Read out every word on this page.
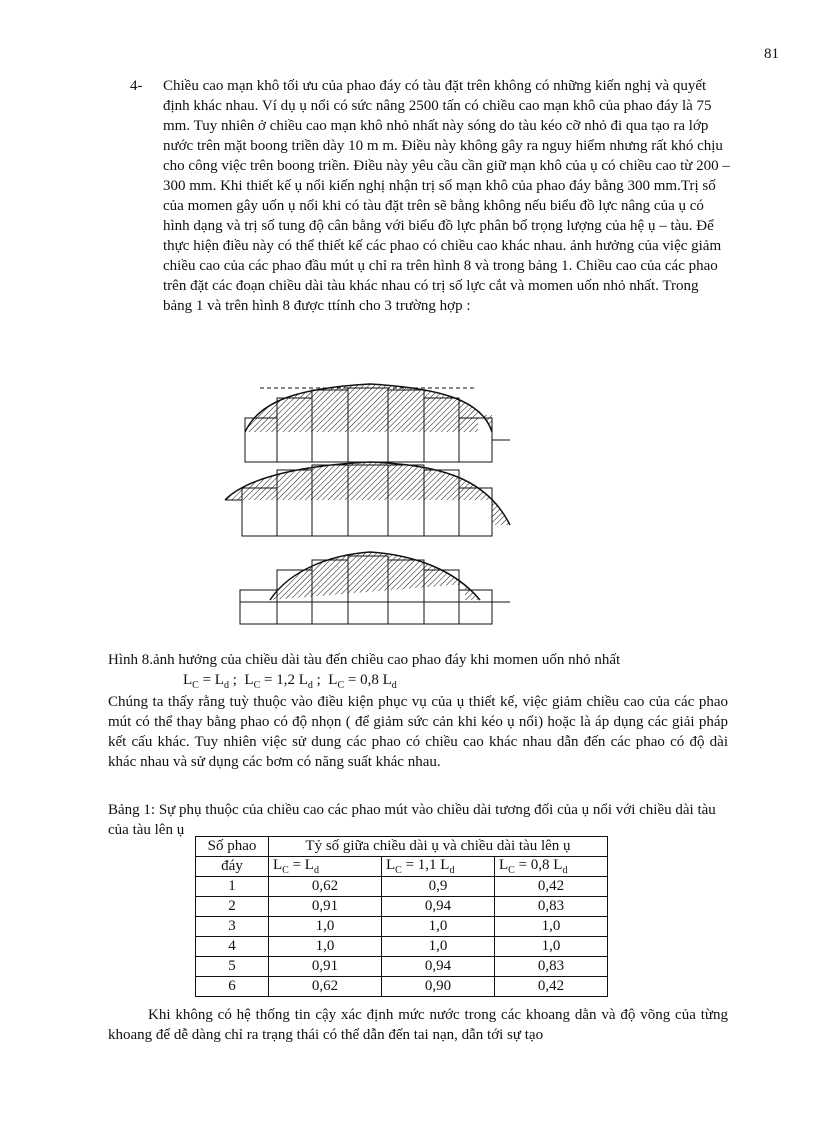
81
4- Chiều cao mạn khô tối ưu của phao đáy có tàu đặt trên không có những kiến nghị và quyết định khác nhau. Ví dụ ụ nổi có sức nâng 2500 tấn có chiều cao mạn khô của phao đáy là 75 mm. Tuy nhiên ở chiều cao mạn khô nhỏ nhất này sóng do tàu kéo cỡ nhỏ đi qua tạo ra lớp nước trên mặt boong triền dày 10 m m. Điều này không gây ra nguy hiểm nhưng rất khó chịu cho công việc trên boong triền. Điều này yêu cầu cần giữ mạn khô của ụ có chiều cao từ 200 – 300 mm. Khi thiết kế ụ nổi kiến nghị nhận trị số mạn khô của phao đáy bằng 300 mm.Trị số của momen gây uốn ụ nổi khi có tàu đặt trên sẽ bằng không nếu biểu đồ lực nâng của ụ có hình dạng và trị số tung độ cân bằng với biểu đồ lực phân bố trọng lượng của hệ ụ – tàu. Để thực hiện điều này có thể thiết kế các phao có chiều cao khác nhau. ảnh hưởng của việc giảm chiều cao của các phao đầu mút ụ chỉ ra trên hình 8 và trong bảng 1. Chiều cao của các phao trên đặt các đoạn chiều dài tàu khác nhau có trị số lực cắt và momen uốn nhỏ nhất. Trong bảng 1 và trên hình 8 được ttính cho 3 trường hợp :
Hình 8.ảnh hưởng của chiều dài tàu đến chiều cao phao đáy khi momen uốn nhỏ nhất
$L_C = L_d$ ;  $L_C = 1,2$ $L_d$ ;  $L_C = 0,8$ $L_d$
Chúng ta thấy rằng tuỳ thuộc vào điều kiện phục vụ của ụ thiết kế, việc giảm chiều cao của các phao mút có thể thay bằng phao có độ nhọn ( để giảm sức cản khi kéo ụ nổi) hoặc là áp dụng các giải pháp kết cấu khác. Tuy nhiên việc sử dung các phao có chiều cao khác nhau dẫn đến các phao có độ dài khác nhau và sử dụng các bơm có năng suất khác nhau.
Bảng 1: Sự phụ thuộc của chiều cao các phao mút vào chiều dài tương đối của ụ nổi với chiều dài tàu của tàu lên ụ
Số phao	Tỷ số giữa chiều dài ụ và chiều dài tàu lên ụ		
đáy	$L_C = L_d$	$L_C = 1,1$ $L_d$	$L_C = 0,8$ $L_d$
1	0,62	0,9	0,42
2	0,91	0,94	0,83
3	1,0	1,0	1,0
4	1,0	1,0	1,0
5	0,91	0,94	0,83
6	0,62	0,90	0,42
Khi không có hệ thống tin cậy xác định mức nước trong các khoang dằn và độ võng của từng khoang để dễ dàng chỉ ra trạng thái có thể dẫn đến tai nạn, dẫn tới sự tạo
